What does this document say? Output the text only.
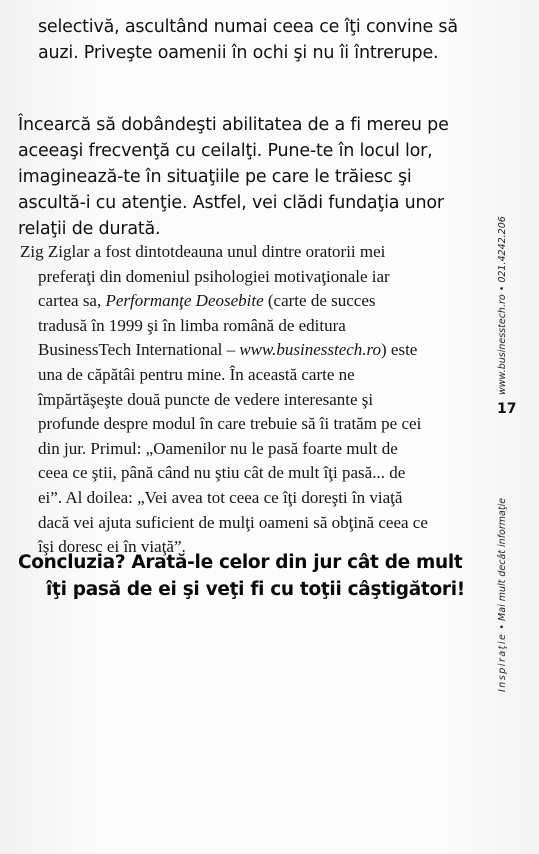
selectivă, ascultând numai ceea ce îţi convine să
auzi. Priveşte oamenii în ochi şi nu îi întrerupe.
Încearcă să dobândeşti abilitatea de a fi mereu pe
aceeaşi frecvenţă cu ceilalţi. Pune-te în locul lor,
imaginează-te în situaţiile pe care le trăiesc şi
ascultă-i cu atenţie. Astfel, vei clădi fundaţia unor
relaţii de durată.
Zig Ziglar a fost dintotdeauna unul dintre oratorii mei
preferaţi din domeniul psihologiei motivaţionale iar
cartea sa, Performanţe Deosebite (carte de succes
tradusă în 1999 şi în limba română de editura
BusinessTech International – www.businesstech.ro) este
una de căpătâi pentru mine. În această carte ne
împărtăşeşte două puncte de vedere interesante şi
profunde despre modul în care trebuie să îi tratăm pe cei
din jur. Primul: „Oamenilor nu le pasă foarte mult de
ceea ce ştii, până când nu ştiu cât de mult îţi pasă... de
ei”. Al doilea: „Vei avea tot ceea ce îţi doreşti în viaţă
dacă vei ajuta suficient de mulţi oameni să obţină ceea ce
îşi doresc ei în viaţă”.
Concluzia? Arată-le celor din jur cât de mult
îţi pasă de ei şi veţi fi cu toţii câştigători!
www.businesstech.ro • 021.4242.206
17
Inspiraţie • Mai mult decât informaţie
